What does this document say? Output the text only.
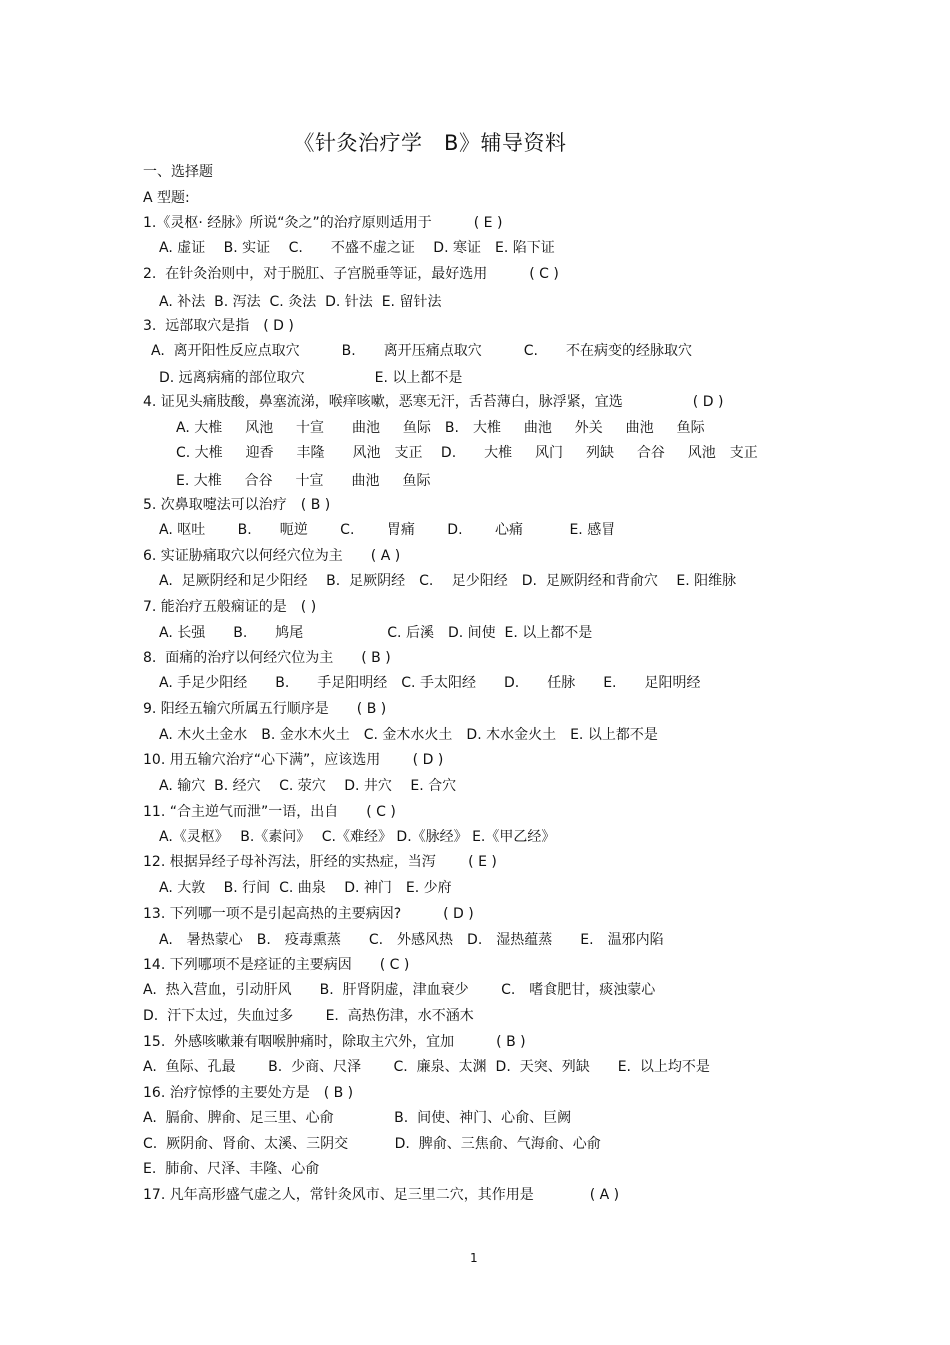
《针灸治疗学　B》辅导资料
一、选择题
A 型题:
1.《灵枢· 经脉》所说“灸之”的治疗原则适用于　　　( E )
A. 虚证　 B. 实证　 C.　　不盛不虚之证　 D. 寒证　E. 陷下证
2.  在针灸治则中，对于脱肛、子宫脱垂等证，最好选用　　　( C )
A. 补法  B. 泻法  C. 灸法  D. 针法  E. 留针法
3.  远部取穴是指　( D )
A.  离开阳性反应点取穴　　　B.　　离开压痛点取穴　　　C.　　不在病变的经脉取穴
D. 远离病痛的部位取穴　　　　　E. 以上都不是
4. 证见头痛肢酸，鼻塞流涕，喉痒咳嗽，恶寒无汗，舌苔薄白，脉浮紧，宜选　　　　　( D )
A. 大椎　  风池　  十宣　　曲池　  鱼际　B.　大椎　  曲池　  外关　  曲池　  鱼际
C. 大椎　  迎香　  丰隆　　风池　支正　 D.　　大椎　  风门　  列缺　  合谷　  风池　支正
E. 大椎　  合谷　  十宣　　曲池　  鱼际
5. 次鼻取嚏法可以治疗　( B )
A. 呕吐　　 B.　　呃逆　　 C.　　 胃痛　　 D.　　 心痛　　　 E. 感冒
6. 实证胁痛取穴以何经穴位为主　　( A )
A.  足厥阴经和足少阳经　 B.  足厥阴经　C.　 足少阳经　D.  足厥阴经和背俞穴　 E. 阳维脉
7. 能治疗五般痫证的是　( )
A. 长强　　B.　　鸠尾　　　　　　C. 后溪　D. 间使  E. 以上都不是
8.  面痛的治疗以何经穴位为主　　( B )
A. 手足少阳经　　B.　　手足阳明经　C. 手太阳经　　D.　　任脉　　E.　　足阳明经
9. 阳经五输穴所属五行顺序是　　( B )
A. 木火土金水　B. 金水木火土　C. 金木水火土　D. 木水金火土　E. 以上都不是
10. 用五输穴治疗“心下满”，应该选用　　 ( D )
A. 输穴  B. 经穴　 C. 荥穴　 D. 井穴　 E. 合穴
11. “合主逆气而泄”一语，出自　　( C )
A.《灵枢》　 B.《素问》　 C.《难经》 D.《脉经》 E.《甲乙经》
12. 根据异经子母补泻法，肝经的实热症，当泻　　 ( E )
A. 大敦　 B. 行间  C. 曲泉　 D. 神门　E. 少府
13. 下列哪一项不是引起高热的主要病因?　　　( D )
A.　暑热蒙心　B.　疫毒熏蒸　　C.　外感风热　D.　湿热蕴蒸　　E.　温邪内陷
14. 下列哪项不是痉证的主要病因　　( C )
A.  热入营血，引动肝风　　B.  肝肾阴虚，津血衰少　　 C.　嗜食肥甘，痰浊蒙心
D.  汗下太过，失血过多　　 E.  高热伤津，水不涵木
15.  外感咳嗽兼有咽喉肿痛时，除取主穴外，宜加　　　( B )
A.  鱼际、孔最　　 B.  少商、尺泽　　 C.  廉泉、太渊  D.  天突、列缺　　E.  以上均不是
16. 治疗惊悸的主要处方是　( B )
A.  膈俞、脾俞、足三里、心俞　　　　 B.  间使、神门、心俞、巨阙
C.  厥阴俞、肾俞、太溪、三阴交　　　 D.  脾俞、三焦俞、气海俞、心俞
E.  肺俞、尺泽、丰隆、心俞
17. 凡年高形盛气虚之人，常针灸风市、足三里二穴，其作用是　　　　( A )
1
